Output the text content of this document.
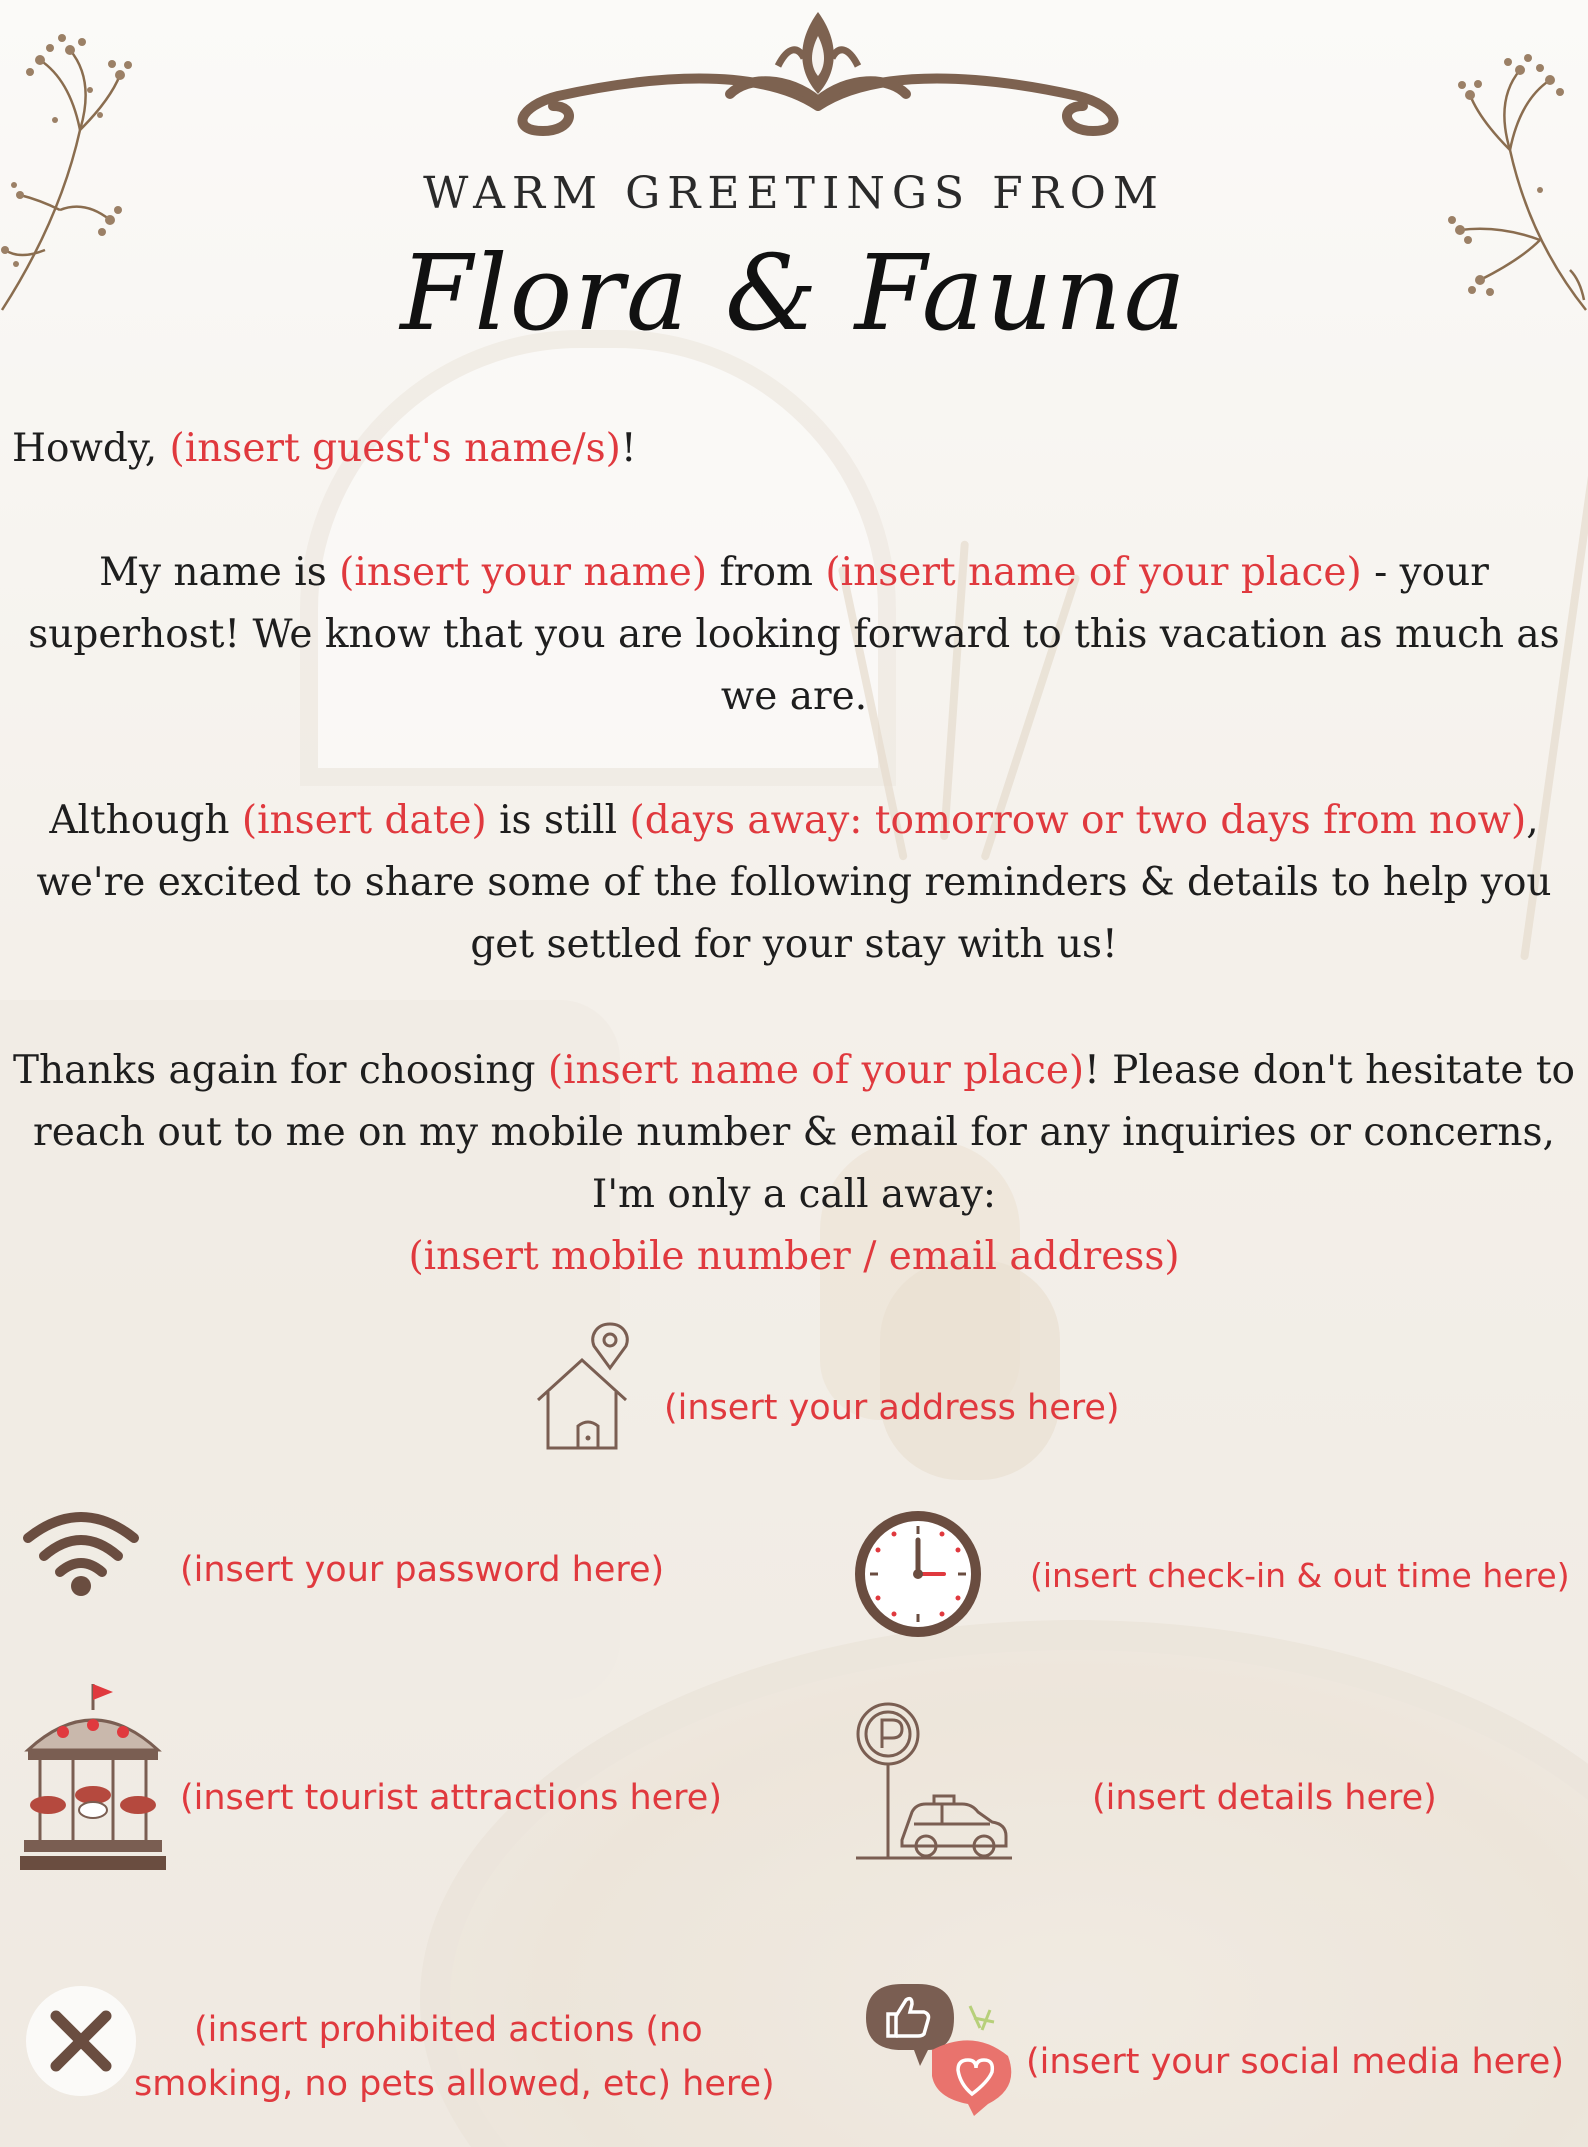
WARM GREETINGS FROM
Flora & Fauna

Howdy, (insert guest's name/s)!

My name is (insert your name) from (insert name of your place) - your superhost! We know that you are looking forward to this vacation as much as we are.

Although (insert date) is still (days away: tomorrow or two days from now), we're excited to share some of the following reminders & details to help you get settled for your stay with us!

Thanks again for choosing (insert name of your place)! Please don't hesitate to reach out to me on my mobile number & email for any inquiries or concerns, I'm only a call away:

(insert mobile number / email address)

(insert your address here)
(insert your password here)	(insert check-in & out time here)
(insert tourist attractions here)	(insert details here)
(insert prohibited actions (no
smoking, no pets allowed, etc) here)
(insert your social media here)
